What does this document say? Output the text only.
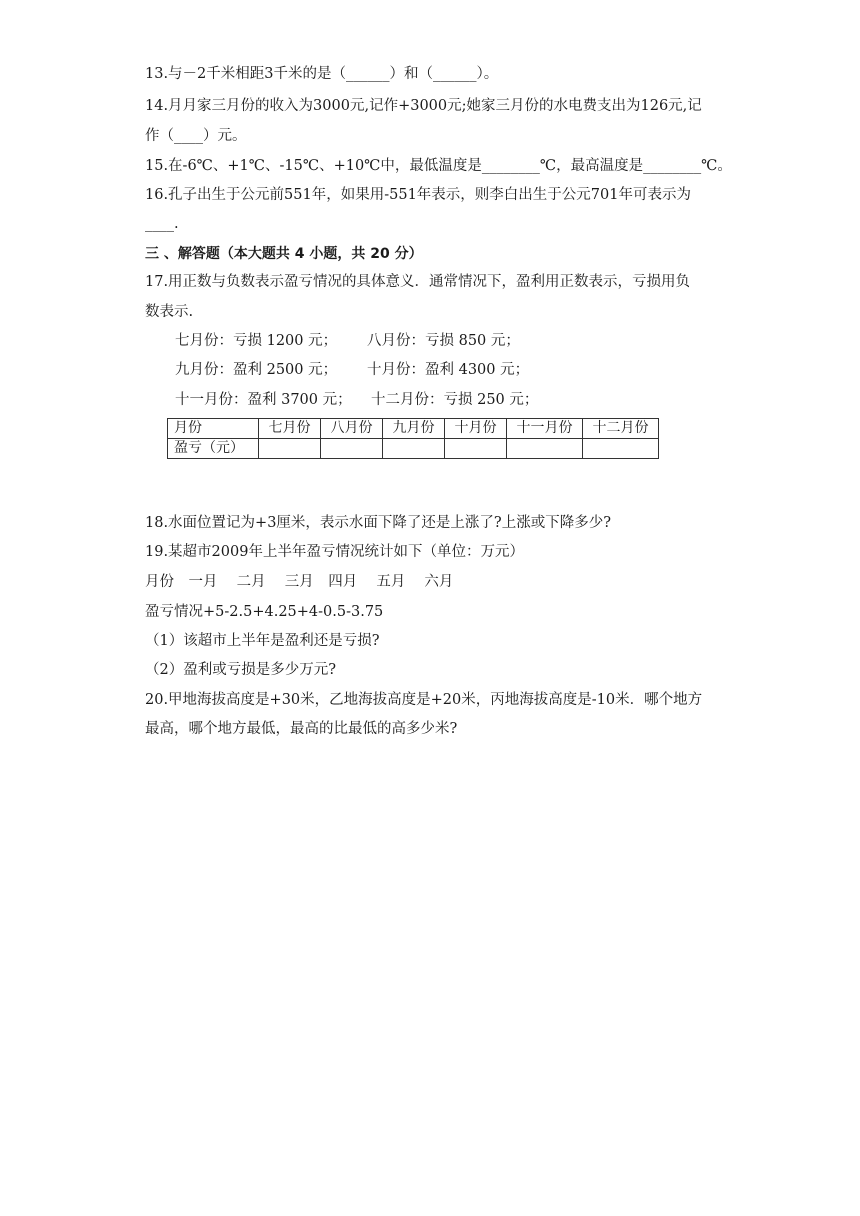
13.与－2千米相距3千米的是（______）和（______）。
14.月月家三月份的收入为3000元,记作+3000元;她家三月份的水电费支出为126元,记
作（____）元。
15.在-6℃、+1℃、-15℃、+10℃中，最低温度是________℃，最高温度是________℃。
16.孔子出生于公元前551年，如果用-551年表示，则李白出生于公元701年可表示为
____.
三 、解答题（本大题共 4 小题，共 20 分）
17.用正数与负数表示盈亏情况的具体意义．通常情况下，盈利用正数表示，亏损用负
数表示.
七月份：亏损 1200 元； 八月份：亏损 850 元；
九月份：盈利 2500 元； 十月份：盈利 4300 元；
十一月份：盈利 3700 元； 十二月份：亏损 250 元；
月份	七月份	八月份	九月份	十月份	十一月份	十二月份
盈亏（元）						
18.水面位置记为+3厘米，表示水面下降了还是上涨了?上涨或下降多少?
19.某超市2009年上半年盈亏情况统计如下（单位：万元）
月份　一月　 二月　 三月　四月　 五月　 六月
盈亏情况+5-2.5+4.25+4-0.5-3.75
（1）该超市上半年是盈利还是亏损?
（2）盈利或亏损是多少万元?
20.甲地海拔高度是+30米，乙地海拔高度是+20米，丙地海拔高度是-10米．哪个地方
最高，哪个地方最低，最高的比最低的高多少米?
